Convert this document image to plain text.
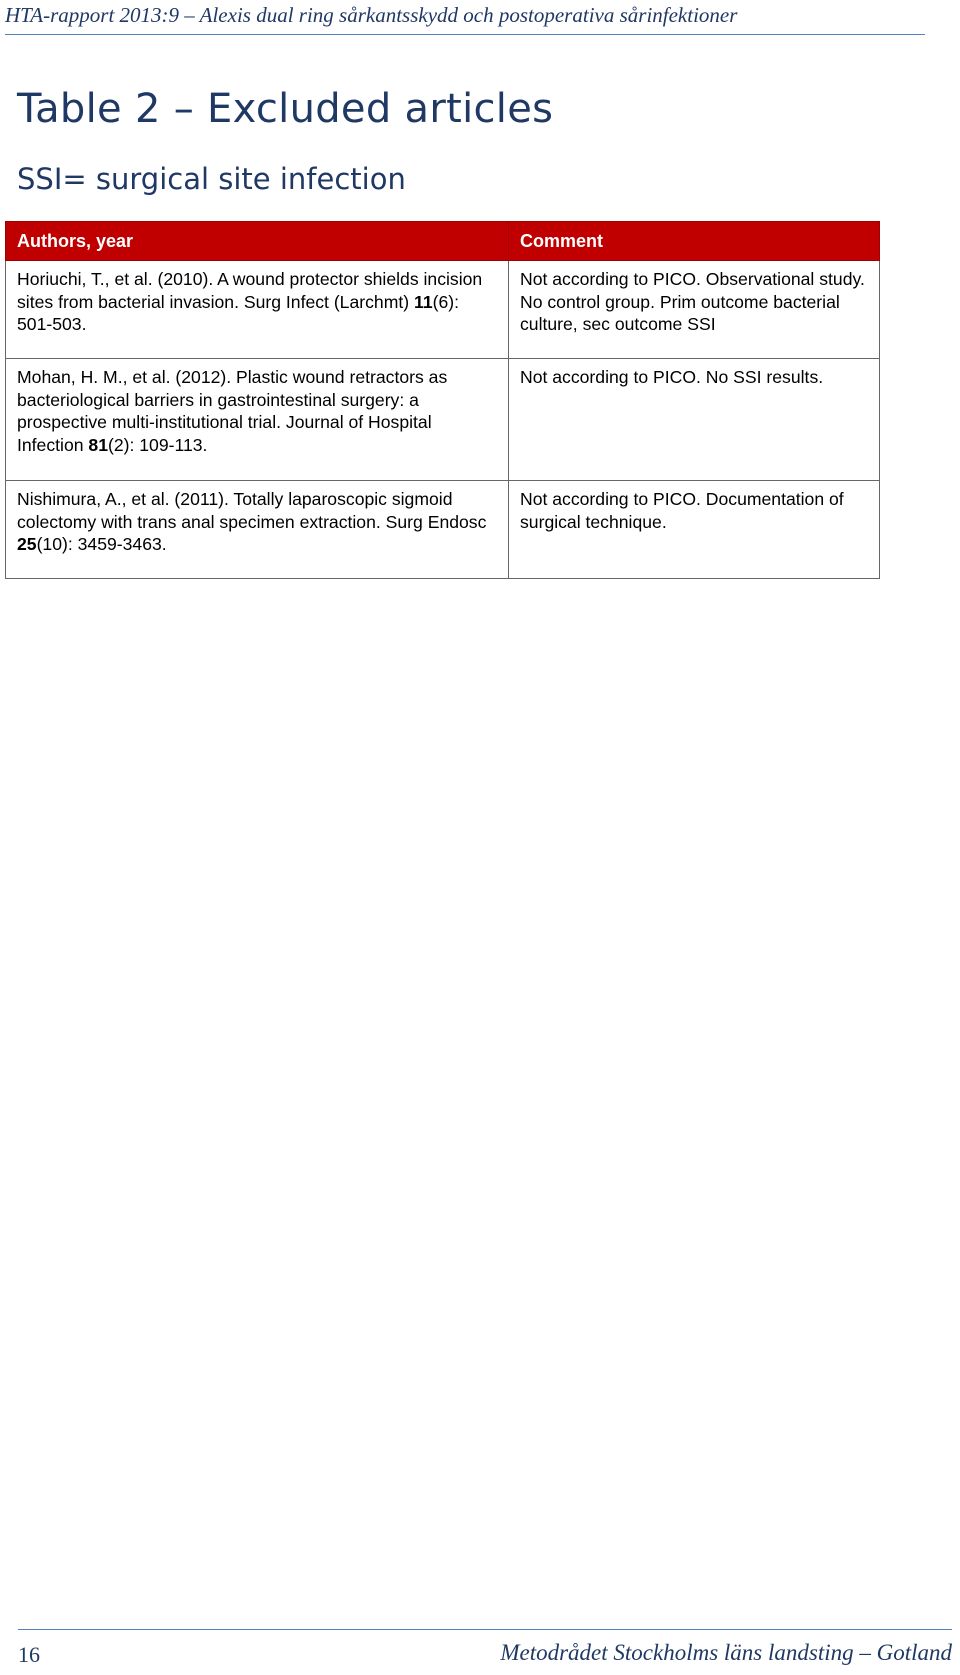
HTA-rapport 2013:9 – Alexis dual ring sårkantsskydd och postoperativa sårinfektioner
Table 2 – Excluded articles
SSI= surgical site infection
Authors, year	Comment
Horiuchi, T., et al. (2010). A wound protector shields incision sites from bacterial invasion. Surg Infect (Larchmt) 11(6): 501-503.	Not according to PICO. Observational study. No control group. Prim outcome bacterial culture, sec outcome SSI
Mohan, H. M., et al. (2012). Plastic wound retractors as bacteriological barriers in gastrointestinal surgery: a prospective multi-institutional trial. Journal of Hospital Infection 81(2): 109-113.	Not according to PICO. No SSI results.
Nishimura, A., et al. (2011). Totally laparoscopic sigmoid colectomy with trans anal specimen extraction. Surg Endosc 25(10): 3459-3463.	Not according to PICO. Documentation of surgical technique.
16	Metodrådet Stockholms läns landsting – Gotland
